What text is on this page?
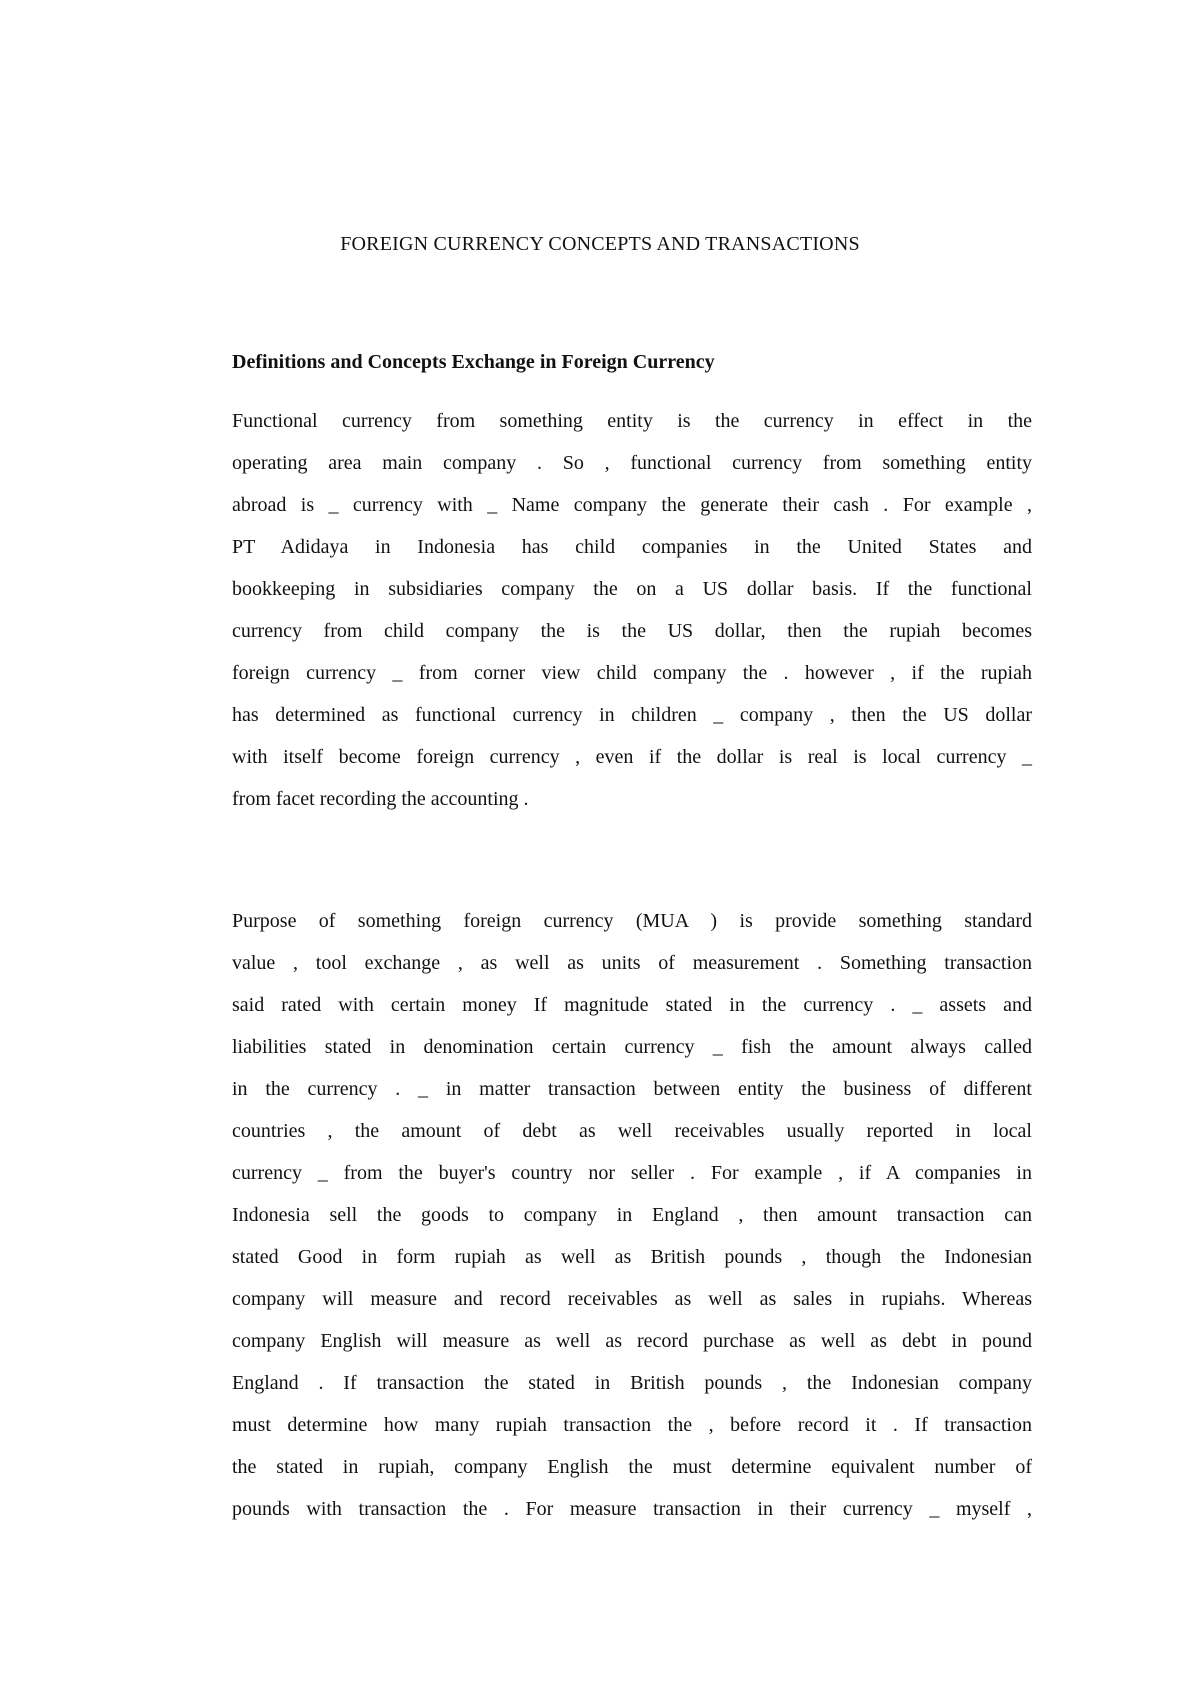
FOREIGN CURRENCY CONCEPTS AND TRANSACTIONS
Definitions and Concepts Exchange in Foreign Currency
Functional currency from something entity is the currency in effect in the
operating area main company . So , functional currency from something entity
abroad is _ currency with _ Name company the generate their cash . For example ,
PT Adidaya in Indonesia has child companies in the United States and
bookkeeping in subsidiaries company the on a US dollar basis. If the functional
currency from child company the is the US dollar, then the rupiah becomes
foreign currency _ from corner view child company the . however , if the rupiah
has determined as functional currency in children _ company , then the US dollar
with itself become foreign currency , even if the dollar is real is local currency _
from facet recording the accounting .
Purpose of something foreign currency (MUA ) is provide something standard
value , tool exchange , as well as units of measurement . Something transaction
said rated with certain money If magnitude stated in the currency . _ assets and
liabilities stated in denomination certain currency _ fish the amount always called
in the currency . _ in matter transaction between entity the business of different
countries , the amount of debt as well receivables usually reported in local
currency _ from the buyer's country nor seller . For example , if A companies in
Indonesia sell the goods to company in England , then amount transaction can
stated Good in form rupiah as well as British pounds , though the Indonesian
company will measure and record receivables as well as sales in rupiahs. Whereas
company English will measure as well as record purchase as well as debt in pound
England . If transaction the stated in British pounds , the Indonesian company
must determine how many rupiah transaction the , before record it . If transaction
the stated in rupiah, company English the must determine equivalent number of
pounds with transaction the . For measure transaction in their currency _ myself ,
